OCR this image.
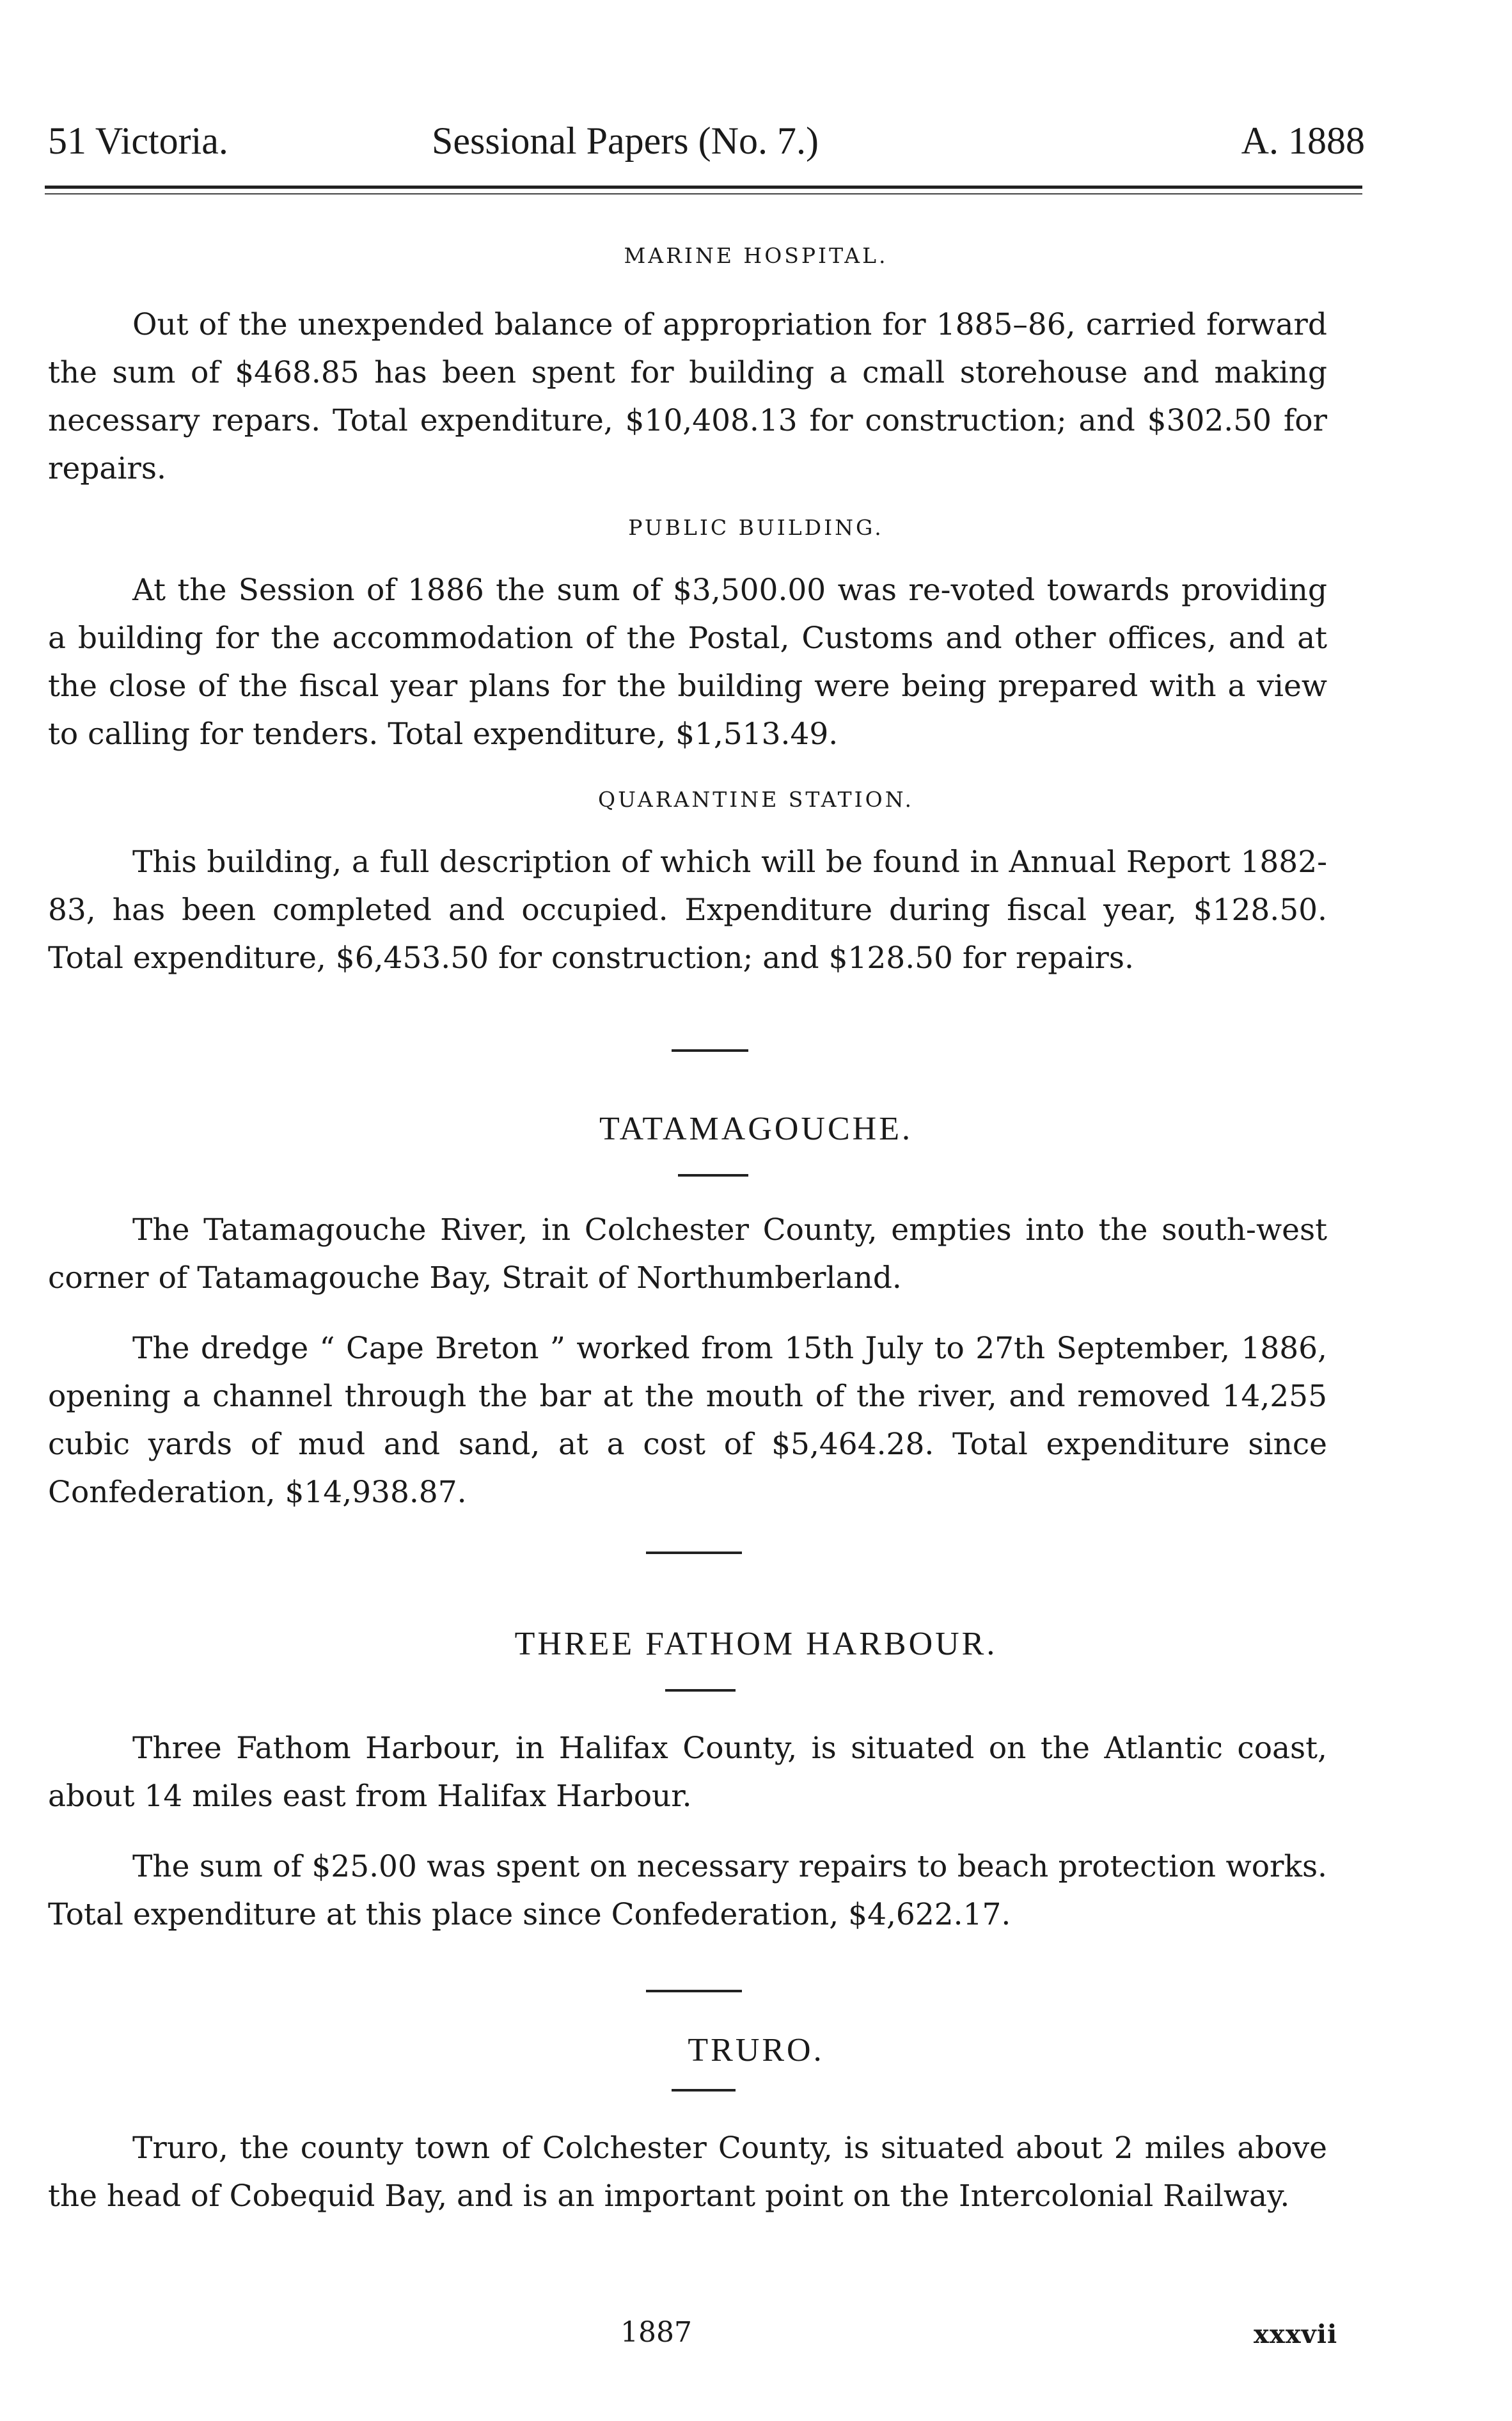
51 Victoria.	Sessional Papers (No. 7.)	A. 1888
MARINE HOSPITAL.

Out of the unexpended balance of appropriation for 1885–86, carried forward the sum of $468.85 has been spent for building a cmall storehouse and making necessary repars. Total expenditure, $10,408.13 for construction; and $302.50 for repairs.

PUBLIC BUILDING.

At the Session of 1886 the sum of $3,500.00 was re-voted towards providing a building for the accommodation of the Postal, Customs and other offices, and at the close of the fiscal year plans for the building were being prepared with a view to calling for tenders. Total expenditure, $1,513.49.

QUARANTINE STATION.

This building, a full description of which will be found in Annual Report 1882-83, has been completed and occupied. Expenditure during fiscal year, $128.50. Total expenditure, $6,453.50 for construction; and $128.50 for repairs.

TATAMAGOUCHE.

The Tatamagouche River, in Colchester County, empties into the south-west corner of Tatamagouche Bay, Strait of Northumberland.

The dredge “ Cape Breton ” worked from 15th July to 27th September, 1886, opening a channel through the bar at the mouth of the river, and removed 14,255 cubic yards of mud and sand, at a cost of $5,464.28. Total expenditure since Confederation, $14,938.87.

THREE FATHOM HARBOUR.

Three Fathom Harbour, in Halifax County, is situated on the Atlantic coast, about 14 miles east from Halifax Harbour.

The sum of $25.00 was spent on necessary repairs to beach protection works. Total expenditure at this place since Confederation, $4,622.17.

TRURO.

Truro, the county town of Colchester County, is situated about 2 miles above the head of Cobequid Bay, and is an important point on the Intercolonial Railway.

1887	xxxvii
